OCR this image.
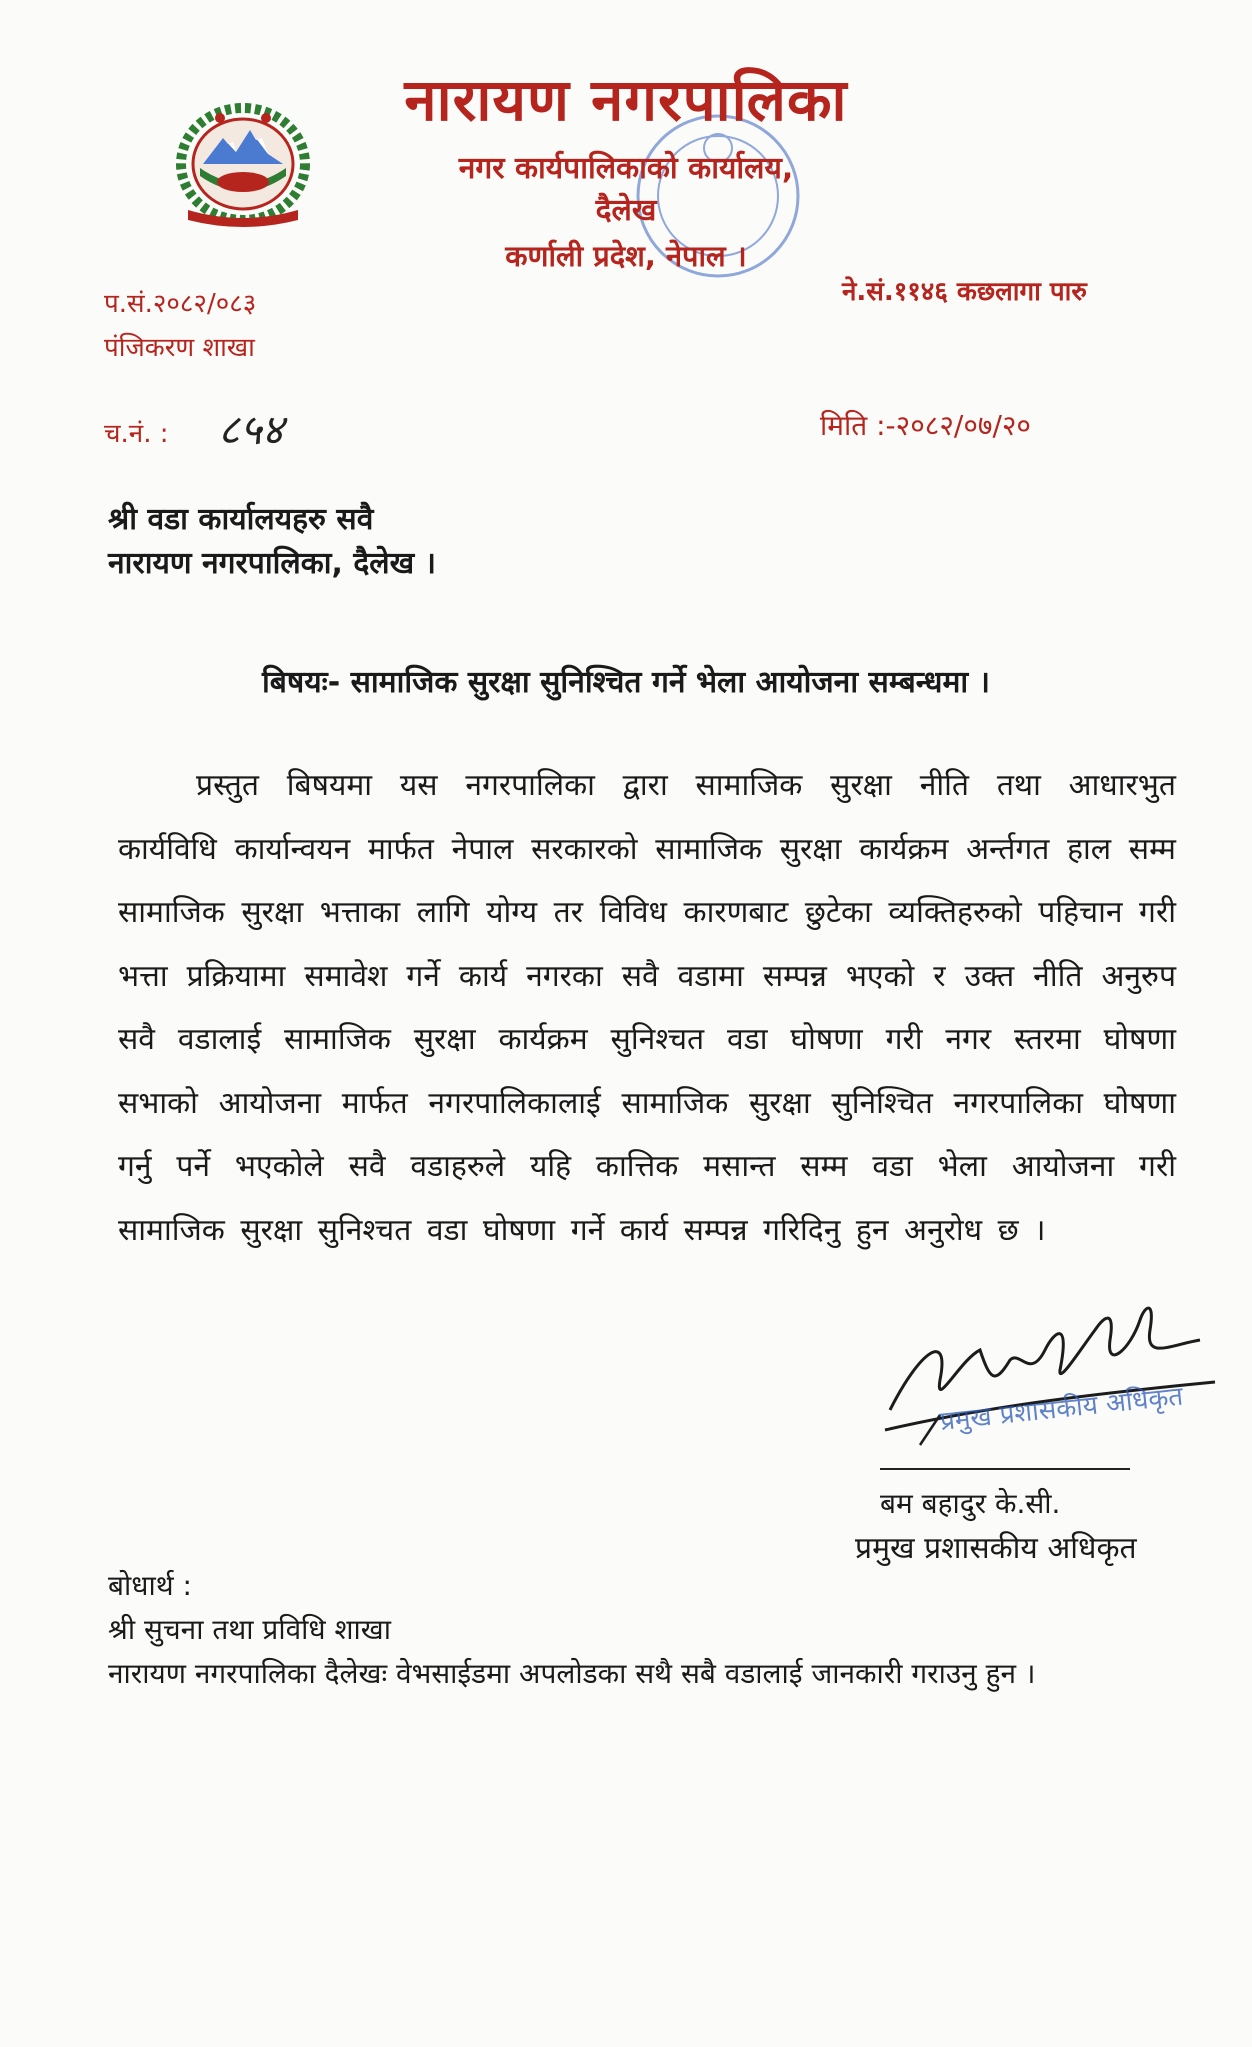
नारायण नगरपालिका
नगर कार्यपालिकाको कार्यालय,
दैलेख
कर्णाली प्रदेश, नेपाल ।
प.सं.२०८२/०८३
पंजिकरण शाखा
ने.सं.११४६ कछलागा पारु
च.नं. : ८५४	मिति :-२०८२/०७/२०
श्री वडा कार्यालयहरु सवै
नारायण नगरपालिका, दैलेख ।
बिषयः- सामाजिक सुरक्षा सुनिश्चित गर्ने भेला आयोजना सम्बन्धमा ।
प्रस्तुत बिषयमा यस नगरपालिका द्वारा सामाजिक सुरक्षा नीति तथा आधारभुत कार्यविधि कार्यान्वयन मार्फत नेपाल सरकारको सामाजिक सुरक्षा कार्यक्रम अर्न्तगत हाल सम्म सामाजिक सुरक्षा भत्ताका लागि योग्य तर विविध कारणबाट छुटेका व्यक्तिहरुको पहिचान गरी भत्ता प्रक्रियामा समावेश गर्ने कार्य नगरका सवै वडामा सम्पन्न भएको र उक्त नीति अनुरुप सवै वडालाई सामाजिक सुरक्षा कार्यक्रम सुनिश्चत वडा घोषणा गरी नगर स्तरमा घोषणा सभाको आयोजना मार्फत नगरपालिकालाई सामाजिक सुरक्षा सुनिश्चित नगरपालिका घोषणा गर्नु पर्ने भएकोले सवै वडाहरुले यहि कात्तिक मसान्त सम्म वडा भेला आयोजना गरी सामाजिक सुरक्षा सुनिश्चत वडा घोषणा गर्ने कार्य सम्पन्न गरिदिनु हुन अनुरोध छ ।
प्रमुख प्रशासकीय अधिकृत
बम बहादुर के.सी.
प्रमुख प्रशासकीय अधिकृत
बोधार्थ :
श्री सुचना तथा प्रविधि शाखा
नारायण नगरपालिका दैलेखः वेभसाईडमा अपलोडका सथै सबै वडालाई जानकारी गराउनु हुन ।
